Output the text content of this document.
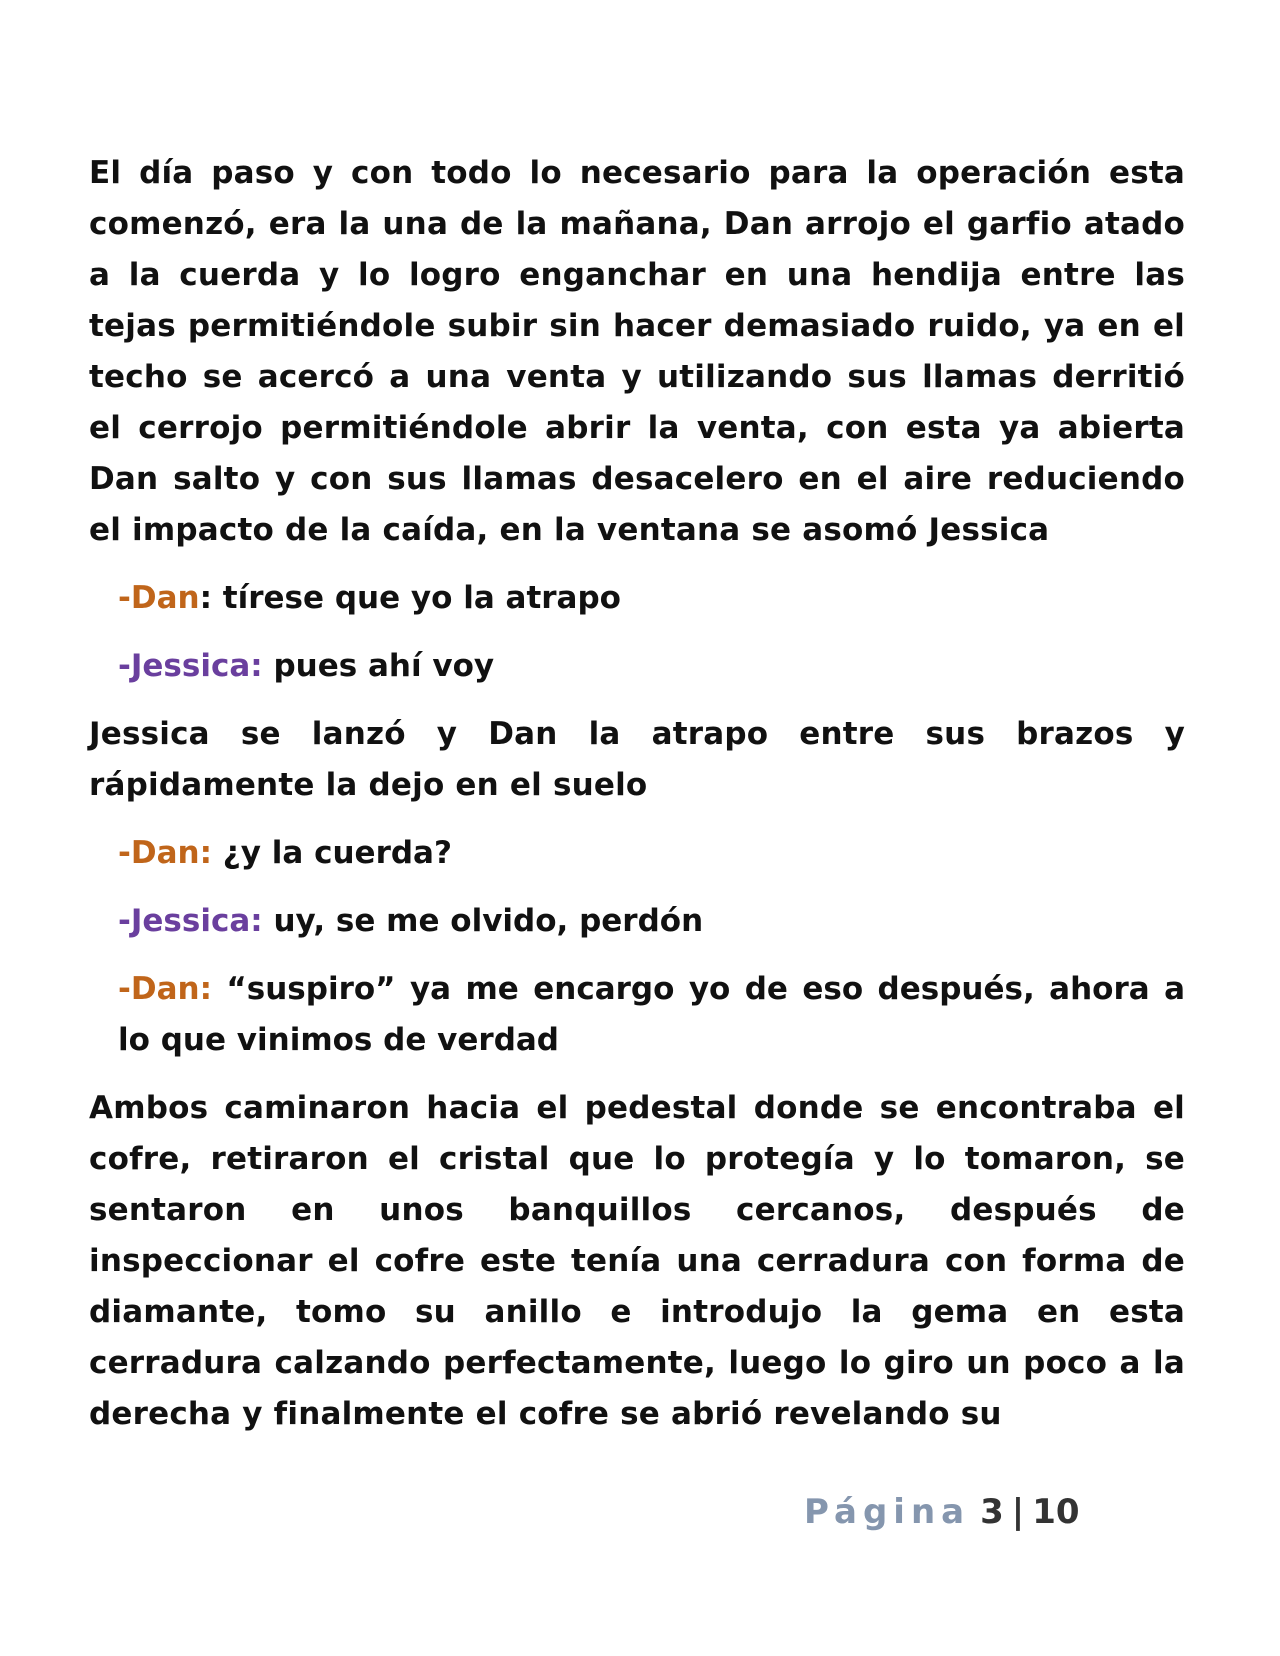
El día paso y con todo lo necesario para la operación esta comenzó, era la una de la mañana, Dan arrojo el garfio atado a la cuerda y lo logro enganchar en una hendija entre las tejas permitiéndole subir sin hacer demasiado ruido, ya en el techo se acercó a una venta y utilizando sus llamas derritió el cerrojo permitiéndole abrir la venta, con esta ya abierta Dan salto y con sus llamas desacelero en el aire reduciendo el impacto de la caída, en la ventana se asomó Jessica

-Dan: tírese que yo la atrapo

-Jessica: pues ahí voy

Jessica se lanzó y Dan la atrapo entre sus brazos y rápidamente la dejo en el suelo

-Dan: ¿y la cuerda?

-Jessica: uy, se me olvido, perdón

-Dan: “suspiro” ya me encargo yo de eso después, ahora a lo que vinimos de verdad

Ambos caminaron hacia el pedestal donde se encontraba el cofre, retiraron el cristal que lo protegía y lo tomaron, se sentaron en unos banquillos cercanos, después de inspeccionar el cofre este tenía una cerradura con forma de diamante, tomo su anillo e introdujo la gema en esta cerradura calzando perfectamente, luego lo giro un poco a la derecha y finalmente el cofre se abrió revelando su

Página 3 | 10
